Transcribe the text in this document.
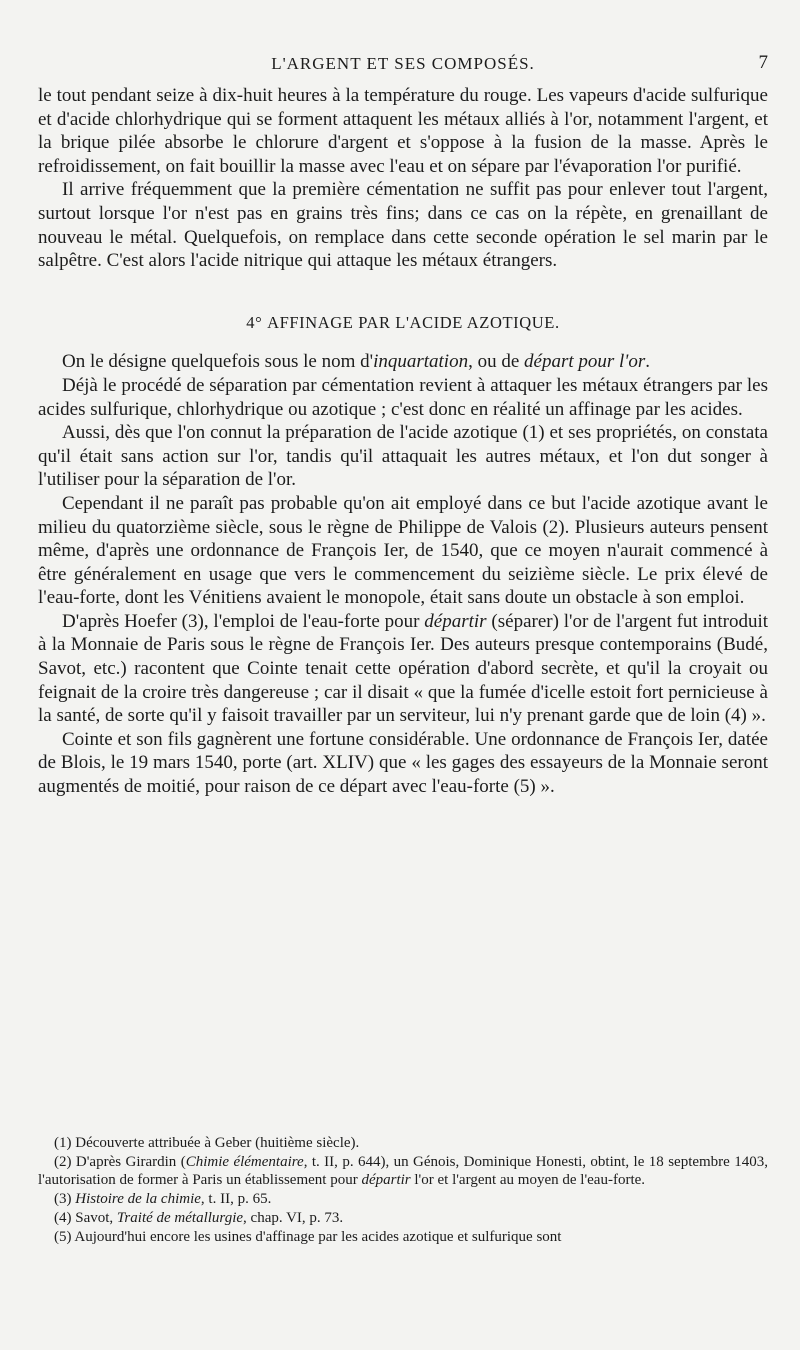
L'ARGENT ET SES COMPOSÉS.	7

le tout pendant seize à dix-huit heures à la température du rouge. Les vapeurs d'acide sulfurique et d'acide chlorhydrique qui se forment attaquent les métaux alliés à l'or, notamment l'argent, et la brique pilée absorbe le chlorure d'argent et s'oppose à la fusion de la masse. Après le refroidissement, on fait bouillir la masse avec l'eau et on sépare par l'évaporation l'or purifié.

Il arrive fréquemment que la première cémentation ne suffit pas pour enlever tout l'argent, surtout lorsque l'or n'est pas en grains très fins; dans ce cas on la répète, en grenaillant de nouveau le métal. Quelquefois, on remplace dans cette seconde opération le sel marin par le salpêtre. C'est alors l'acide nitrique qui attaque les métaux étrangers.

4° AFFINAGE PAR L'ACIDE AZOTIQUE.

On le désigne quelquefois sous le nom d'inquartation, ou de départ pour l'or.

Déjà le procédé de séparation par cémentation revient à attaquer les métaux étrangers par les acides sulfurique, chlorhydrique ou azotique ; c'est donc en réalité un affinage par les acides.

Aussi, dès que l'on connut la préparation de l'acide azotique (1) et ses propriétés, on constata qu'il était sans action sur l'or, tandis qu'il attaquait les autres métaux, et l'on dut songer à l'utiliser pour la séparation de l'or.

Cependant il ne paraît pas probable qu'on ait employé dans ce but l'acide azotique avant le milieu du quatorzième siècle, sous le règne de Philippe de Valois (2). Plusieurs auteurs pensent même, d'après une ordonnance de François Ier, de 1540, que ce moyen n'aurait commencé à être généralement en usage que vers le commencement du seizième siècle. Le prix élevé de l'eau-forte, dont les Vénitiens avaient le monopole, était sans doute un obstacle à son emploi.

D'après Hoefer (3), l'emploi de l'eau-forte pour départir (séparer) l'or de l'argent fut introduit à la Monnaie de Paris sous le règne de François Ier. Des auteurs presque contemporains (Budé, Savot, etc.) racontent que Cointe tenait cette opération d'abord secrète, et qu'il la croyait ou feignait de la croire très dangereuse ; car il disait « que la fumée d'icelle estoit fort pernicieuse à la santé, de sorte qu'il y faisoit travailler par un serviteur, lui n'y prenant garde que de loin (4) ».

Cointe et son fils gagnèrent une fortune considérable. Une ordonnance de François Ier, datée de Blois, le 19 mars 1540, porte (art. XLIV) que « les gages des essayeurs de la Monnaie seront augmentés de moitié, pour raison de ce départ avec l'eau-forte (5) ».

(1) Découverte attribuée à Geber (huitième siècle).

(2) D'après Girardin (Chimie élémentaire, t. II, p. 644), un Génois, Dominique Honesti, obtint, le 18 septembre 1403, l'autorisation de former à Paris un établissement pour départir l'or et l'argent au moyen de l'eau-forte.

(3) Histoire de la chimie, t. II, p. 65.

(4) Savot, Traité de métallurgie, chap. VI, p. 73.

(5) Aujourd'hui encore les usines d'affinage par les acides azotique et sulfurique sont
